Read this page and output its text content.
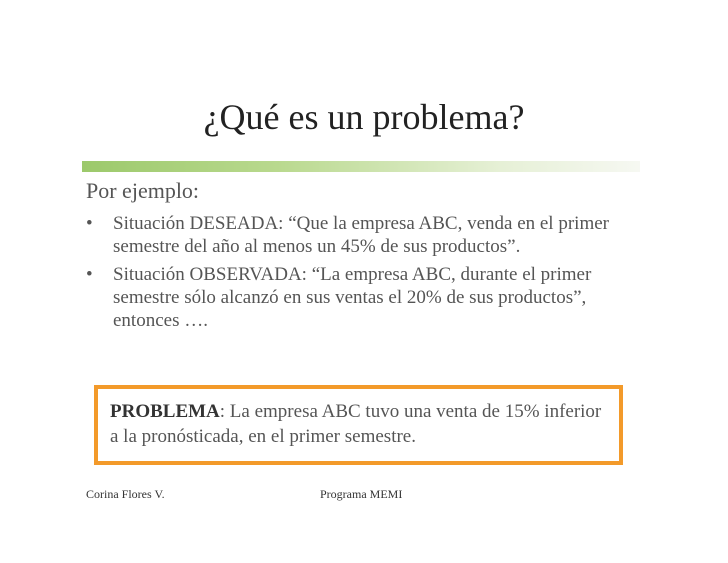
¿Qué es un problema?
Por ejemplo:
• Situación DESEADA: “Que la empresa ABC, venda en el primer semestre del año al menos un 45% de sus productos”.
• Situación OBSERVADA: “La empresa ABC, durante el primer semestre sólo alcanzó en sus ventas el 20% de sus productos”, entonces ….
PROBLEMA: La empresa ABC tuvo una venta de 15% inferior a la pronósticada, en el primer semestre.
Corina Flores V.	Programa MEMI
